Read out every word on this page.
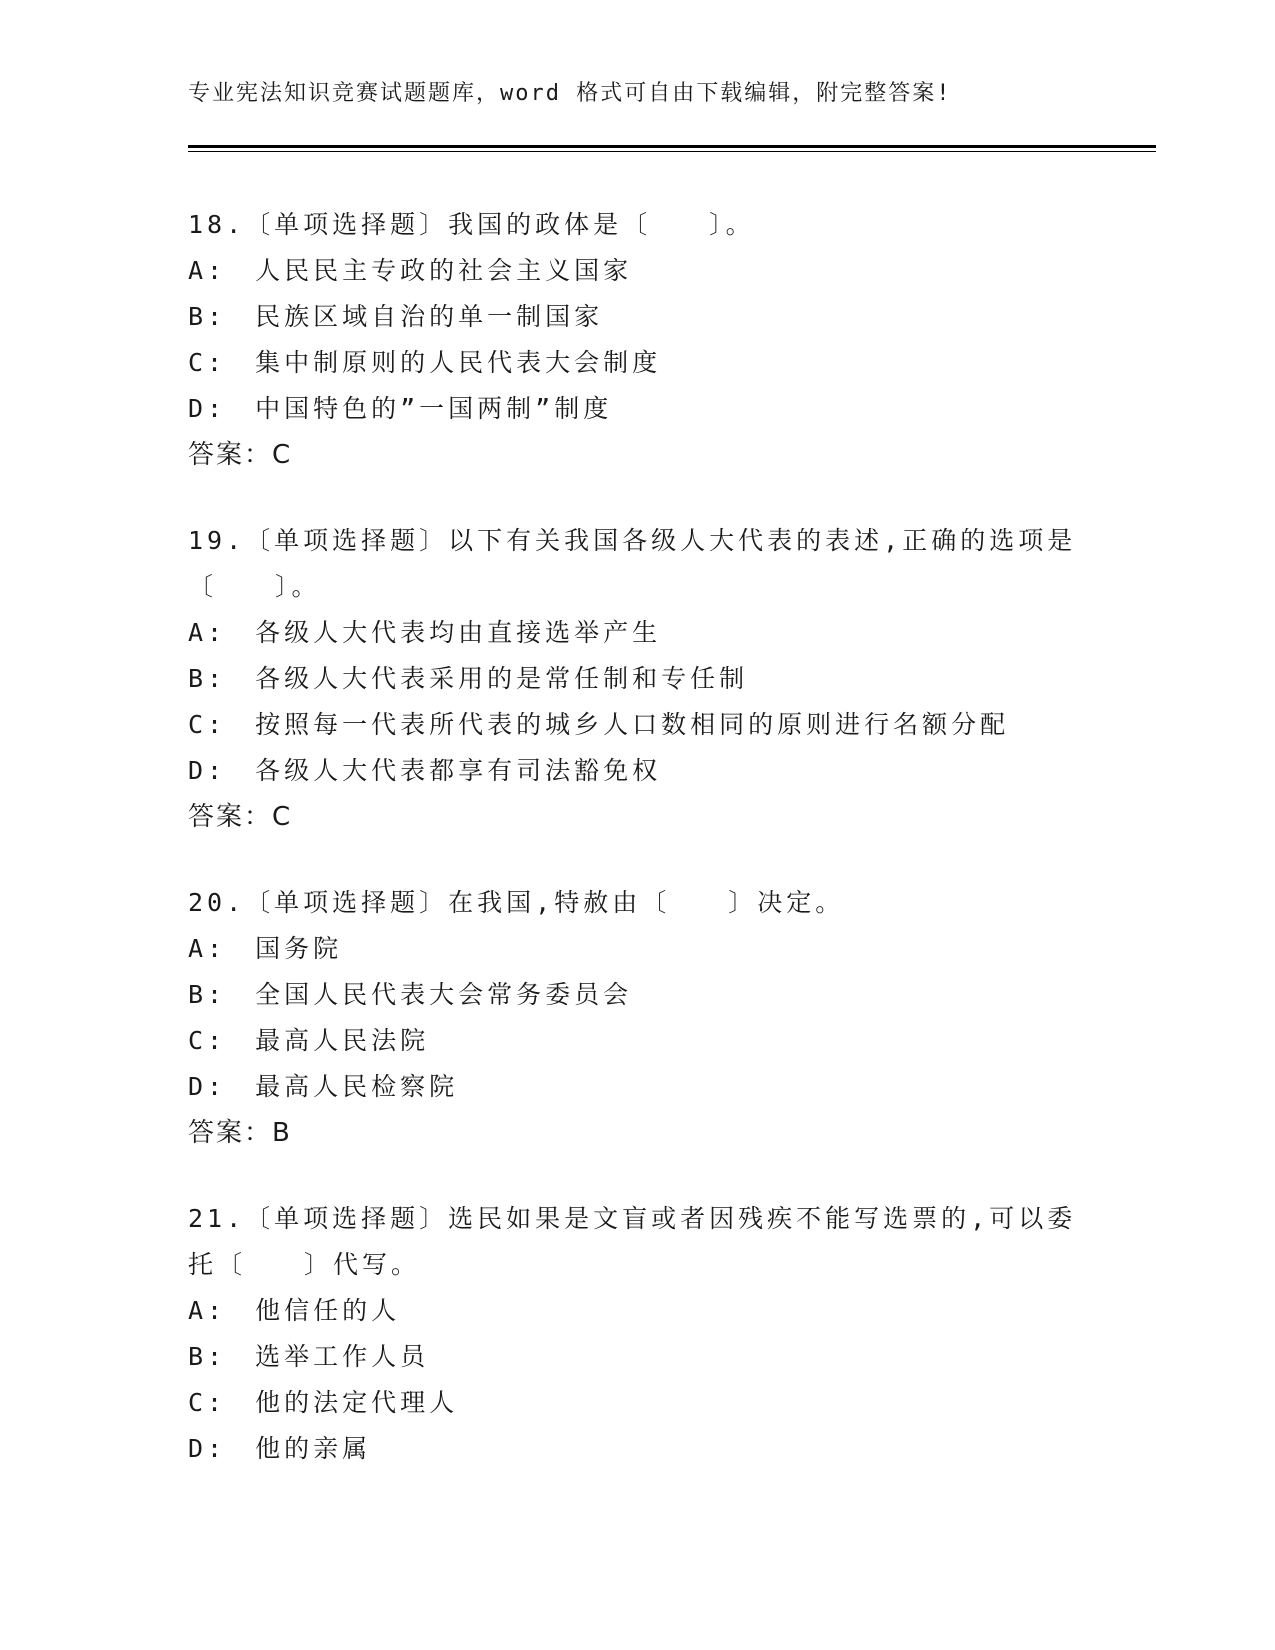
专业宪法知识竞赛试题题库，word 格式可自由下载编辑，附完整答案!
18.〔单项选择题〕我国的政体是〔　　〕。
A:　人民民主专政的社会主义国家
B:　民族区域自治的单一制国家
C:　集中制原则的人民代表大会制度
D:　中国特色的”一国两制”制度
答案：C
19.〔单项选择题〕以下有关我国各级人大代表的表述,正确的选项是
〔　　〕。
A:　各级人大代表均由直接选举产生
B:　各级人大代表采用的是常任制和专任制
C:　按照每一代表所代表的城乡人口数相同的原则进行名额分配
D:　各级人大代表都享有司法豁免权
答案：C
20.〔单项选择题〕在我国,特赦由〔　　〕决定。
A:　国务院
B:　全国人民代表大会常务委员会
C:　最高人民法院
D:　最高人民检察院
答案：B
21.〔单项选择题〕选民如果是文盲或者因残疾不能写选票的,可以委
托〔　　〕代写。
A:　他信任的人
B:　选举工作人员
C:　他的法定代理人
D:　他的亲属
